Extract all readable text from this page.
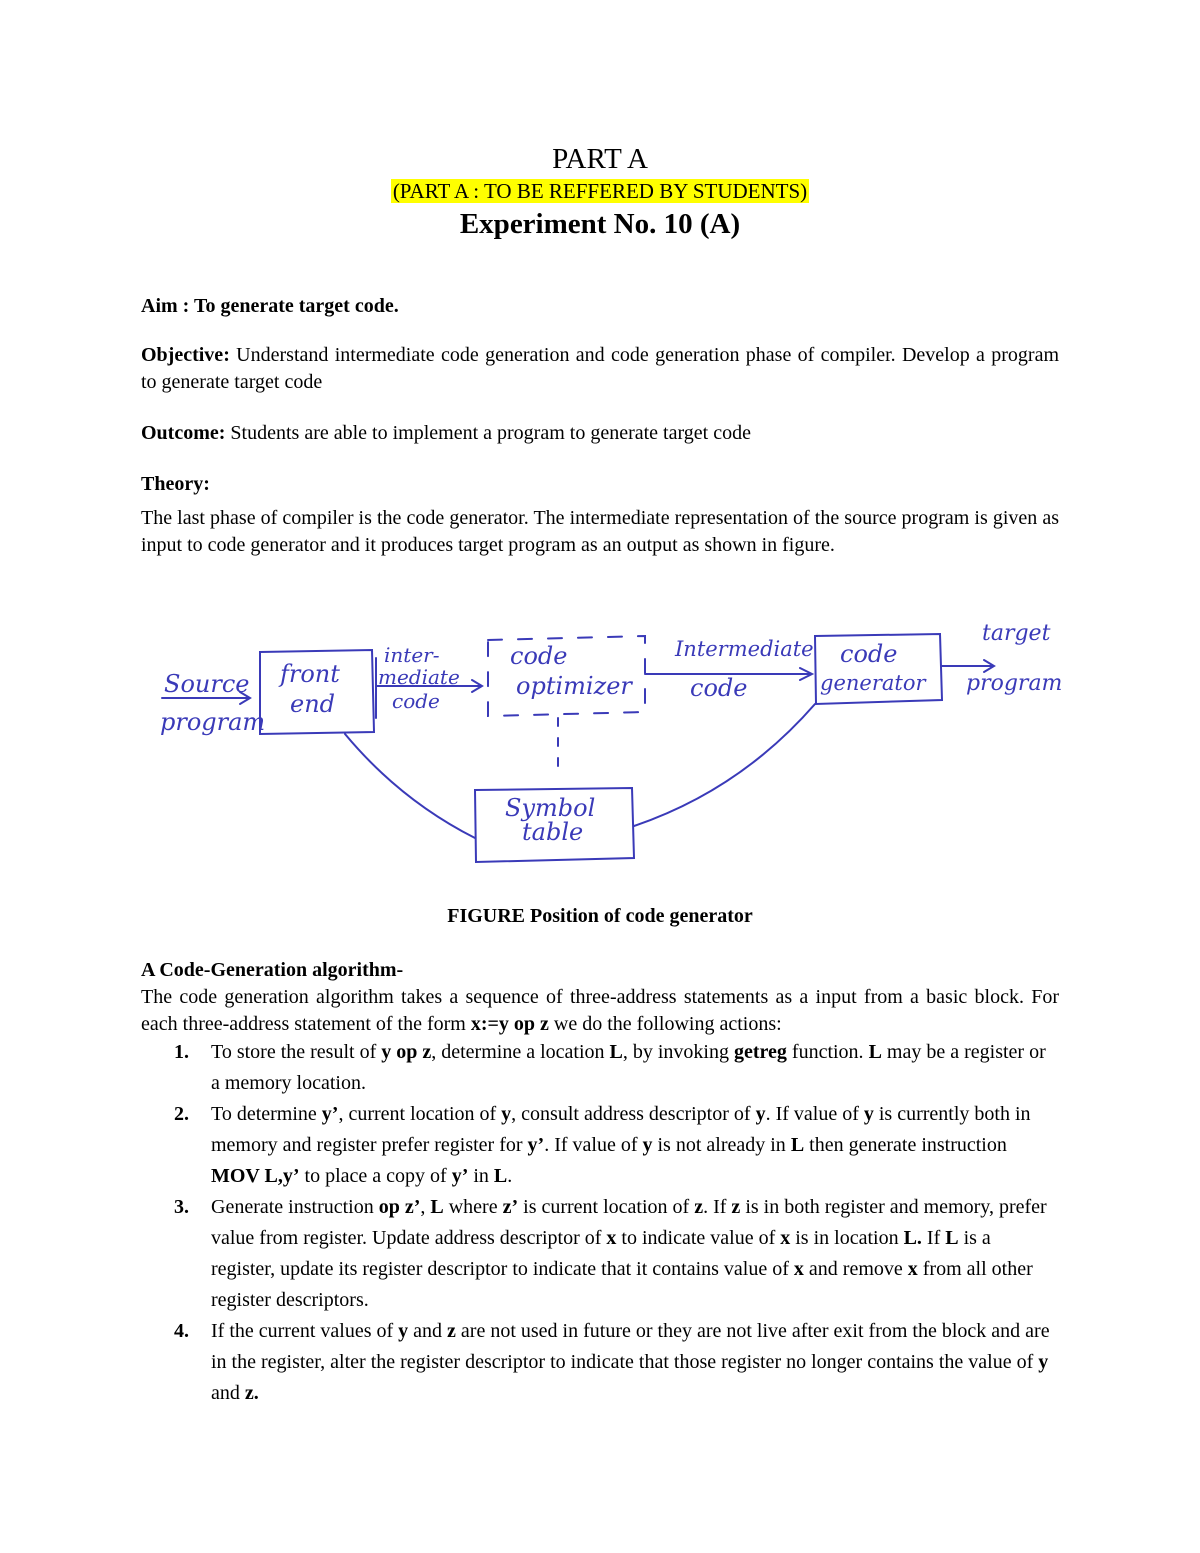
PART A
(PART A : TO BE REFFERED BY STUDENTS)
Experiment No. 10 (A)
Aim : To generate target code.
Objective: Understand intermediate code generation and code generation phase of compiler. Develop a program to generate target code
Outcome: Students are able to implement a program to generate target code
Theory:
The last phase of compiler is the code generator. The intermediate representation of the source program is given as input to code generator and it produces target program as an output as shown in figure.
Source
program
front
end
inter-
mediate
code
code
optimizer
Intermediate
code
code
generator
target
program
Symbol
table
FIGURE Position of code generator
A Code-Generation algorithm-
The code generation algorithm takes a sequence of three-address statements as a input from a basic block. For each three-address statement of the form x:=y op z we do the following actions:
1. To store the result of y op z, determine a location L, by invoking getreg function. L may be a register or a memory location.
2. To determine y’, current location of y, consult address descriptor of y. If value of y is currently both in memory and register prefer register for y’. If value of y is not already in L then generate instruction MOV L,y’ to place a copy of y’ in L.
3. Generate instruction op z’, L where z’ is current location of z. If z is in both register and memory, prefer value from register. Update address descriptor of x to indicate value of x is in location L. If L is a register, update its register descriptor to indicate that it contains value of x and remove x from all other register descriptors.
4. If the current values of y and z are not used in future or they are not live after exit from the block and are in the register, alter the register descriptor to indicate that those register no longer contains the value of y and z.
